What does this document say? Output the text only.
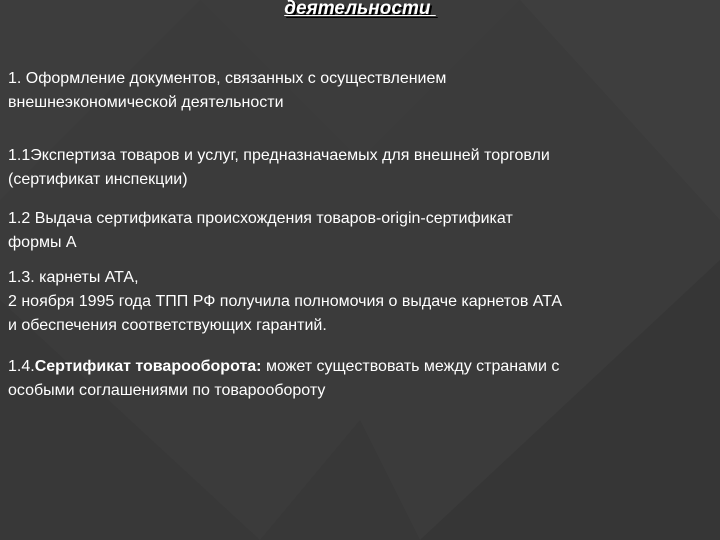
деятельности

1. Оформление документов, связанных с осуществлением
внешнеэкономической деятельности

1.1Экспертиза товаров и услуг, предназначаемых для внешней торговли
(сертификат инспекции)

1.2 Выдача сертификата происхождения товаров-origin-сертификат
формы А

1.3. карнеты АТА,
2 ноября 1995 года ТПП РФ получила полномочия о выдаче карнетов АТА
и обеспечения соответствующих гарантий.

1.4.Сертификат товарооборота: может существовать между странами с
особыми соглашениями по товарообороту
